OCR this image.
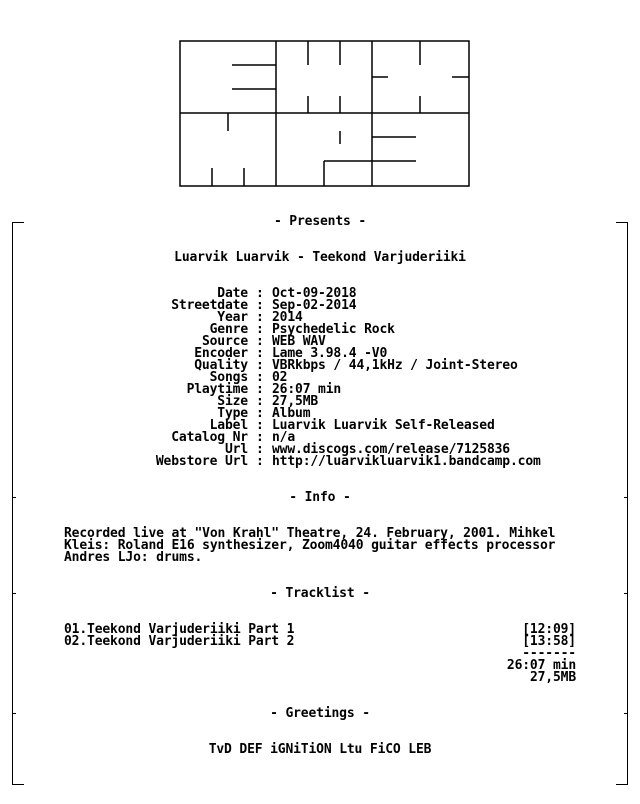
- Presents -
Luarvik Luarvik - Teekond Varjuderiiki
Date : Oct-09-2018
Streetdate : Sep-02-2014
Year : 2014
Genre : Psychedelic Rock
Source : WEB WAV
Encoder : Lame 3.98.4 -V0
Quality : VBRkbps / 44,1kHz / Joint-Stereo
Songs : 02
Playtime : 26:07 min
Size : 27,5MB
Type : Album
Label : Luarvik Luarvik Self-Released
Catalog Nr : n/a
Url : www.discogs.com/release/7125836
Webstore Url : http://luarvikluarvik1.bandcamp.com
- Info -
Recorded live at "Von Krahl" Theatre, 24. February, 2001. Mihkel
Kleis: Roland E16 synthesizer, Zoom4040 guitar effects processor
Andres LJo: drums.
- Tracklist -
01.Teekond Varjuderiiki Part 1	[12:09]
02.Teekond Varjuderiiki Part 2	[13:58]
-------
26:07 min
27,5MB
- Greetings -
TvD DEF iGNiTiON Ltu FiCO LEB
